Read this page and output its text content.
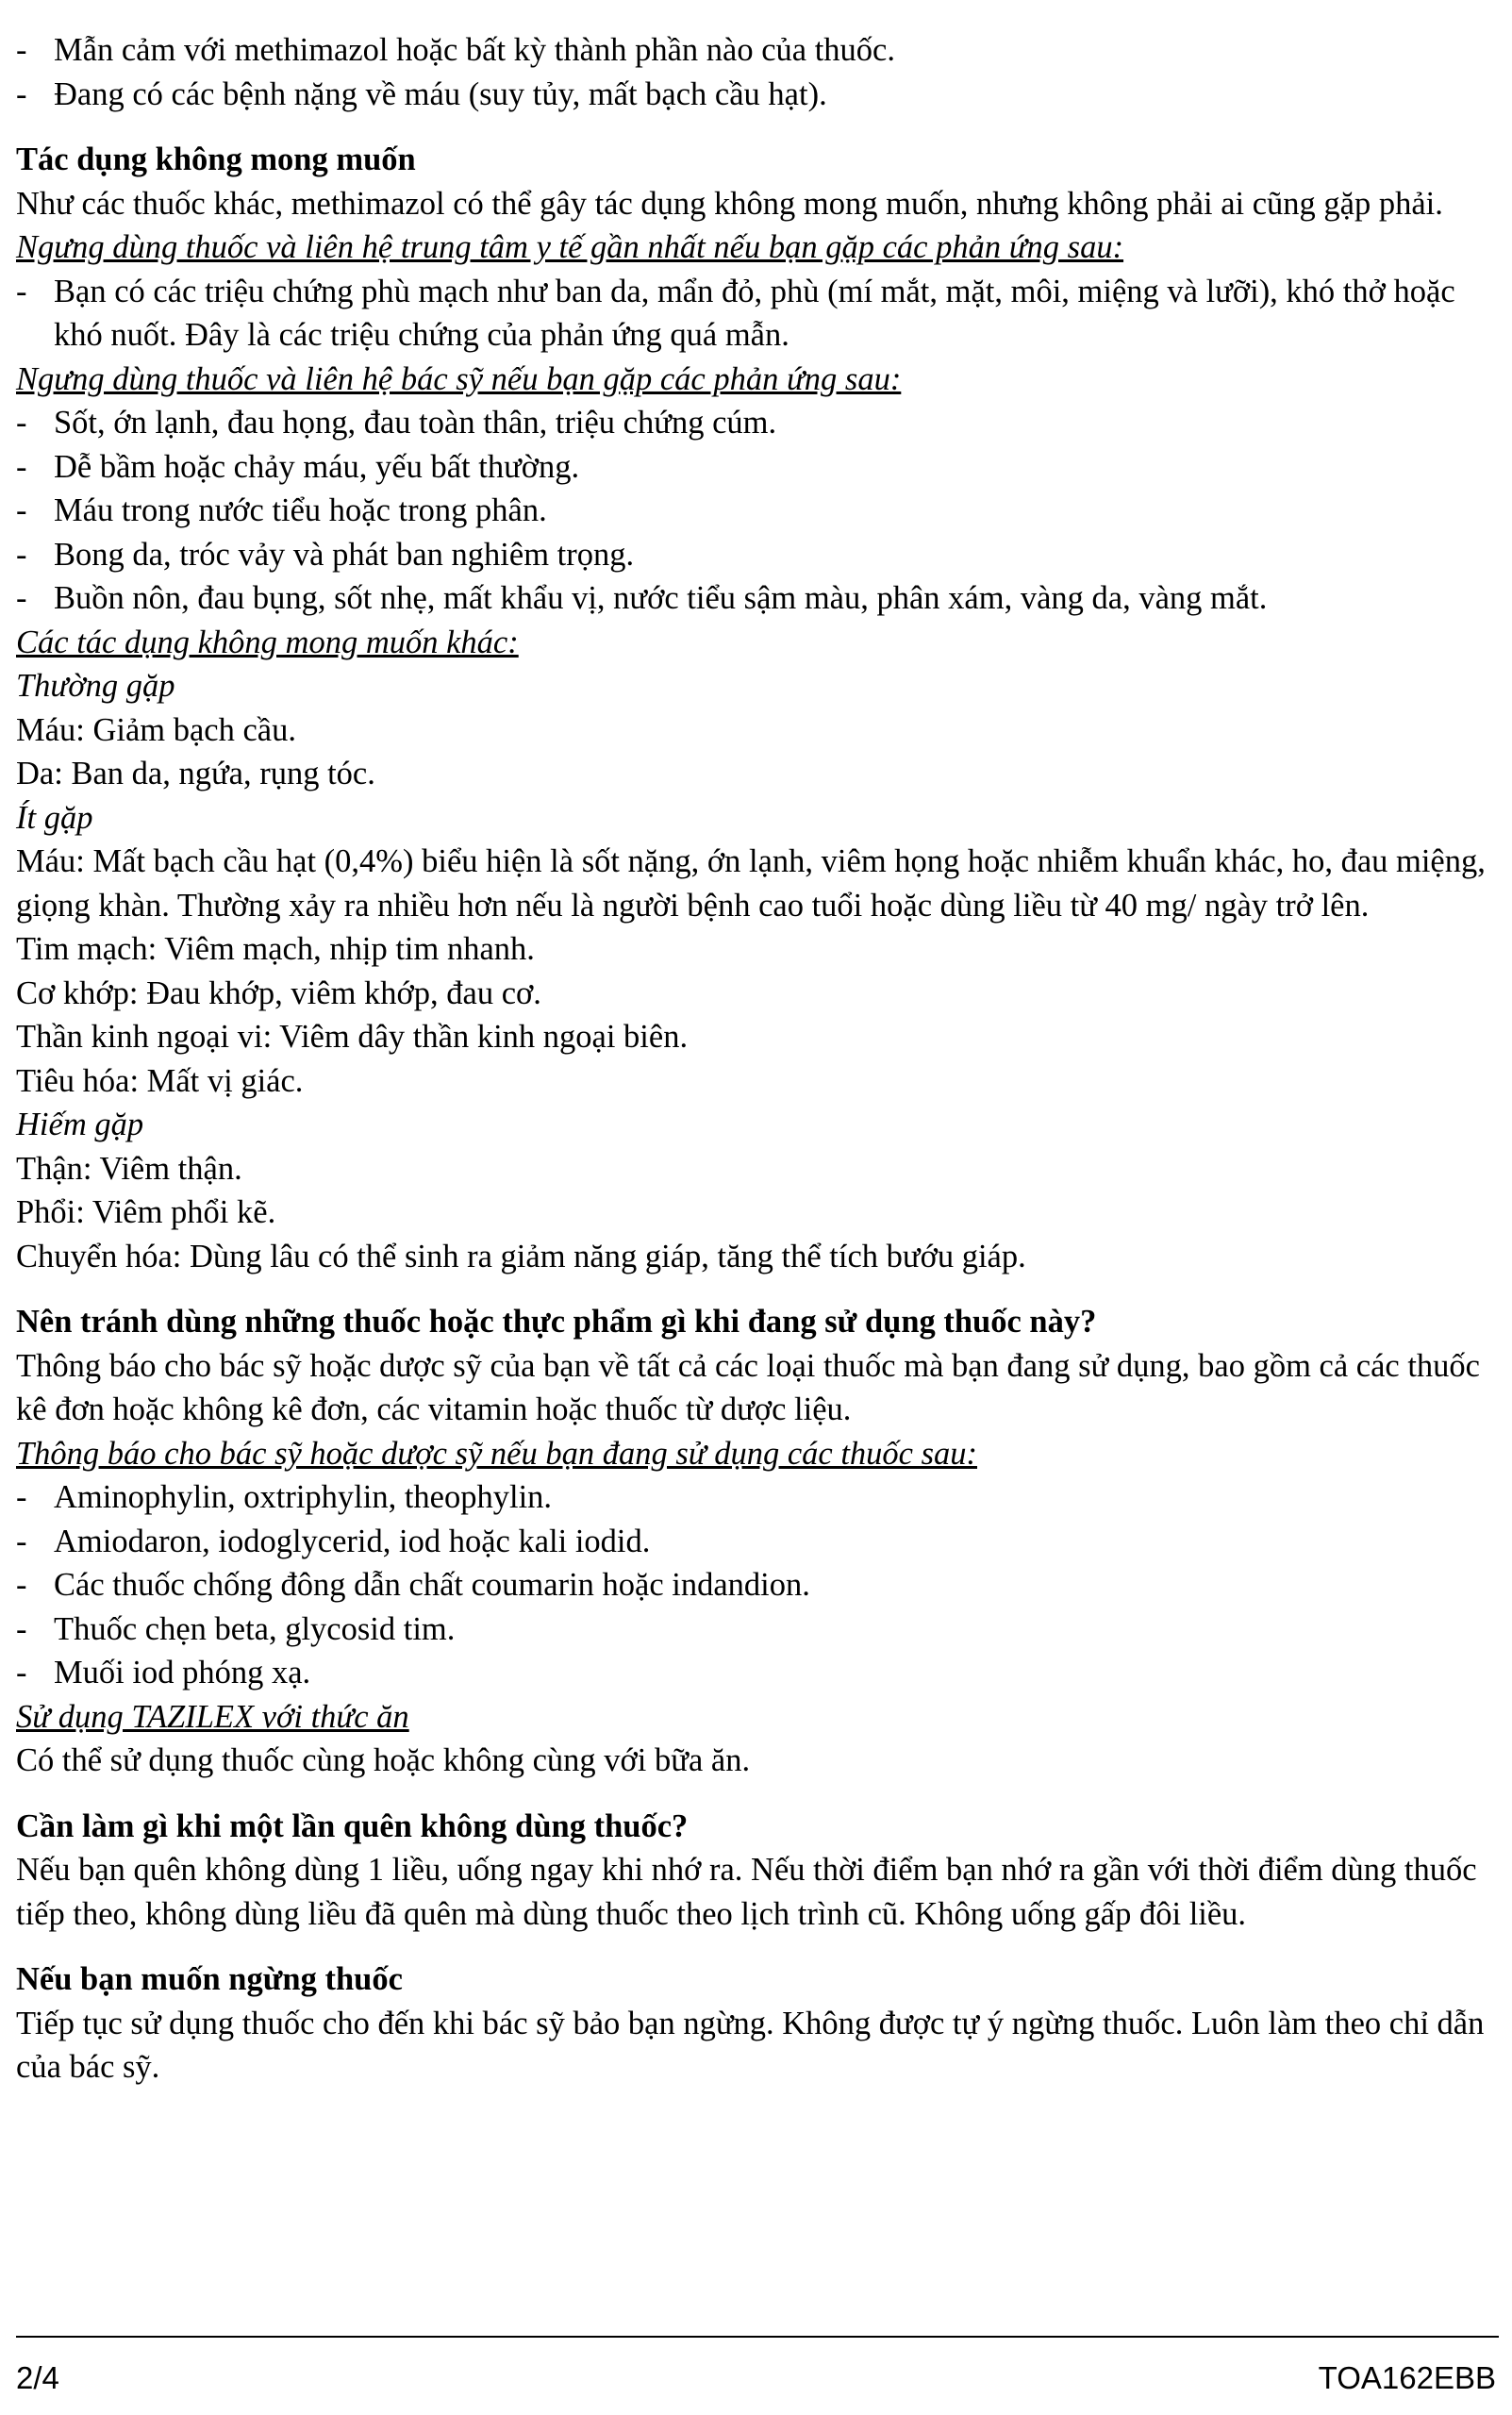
- Mẫn cảm với methimazol hoặc bất kỳ thành phần nào của thuốc.
- Đang có các bệnh nặng về máu (suy tủy, mất bạch cầu hạt).
Tác dụng không mong muốn
Như các thuốc khác, methimazol có thể gây tác dụng không mong muốn, nhưng không phải ai cũng gặp phải.
Ngưng dùng thuốc và liên hệ trung tâm y tế gần nhất nếu bạn gặp các phản ứng sau:
- Bạn có các triệu chứng phù mạch như ban da, mẩn đỏ, phù (mí mắt, mặt, môi, miệng và lưỡi), khó thở hoặc khó nuốt. Đây là các triệu chứng của phản ứng quá mẫn.
Ngưng dùng thuốc và liên hệ bác sỹ nếu bạn gặp các phản ứng sau:
- Sốt, ớn lạnh, đau họng, đau toàn thân, triệu chứng cúm.
- Dễ bầm hoặc chảy máu, yếu bất thường.
- Máu trong nước tiểu hoặc trong phân.
- Bong da, tróc vảy và phát ban nghiêm trọng.
- Buồn nôn, đau bụng, sốt nhẹ, mất khẩu vị, nước tiểu sậm màu, phân xám, vàng da, vàng mắt.
Các tác dụng không mong muốn khác:
Thường gặp
Máu: Giảm bạch cầu.
Da: Ban da, ngứa, rụng tóc.
Ít gặp
Máu: Mất bạch cầu hạt (0,4%) biểu hiện là sốt nặng, ớn lạnh, viêm họng hoặc nhiễm khuẩn khác, ho, đau miệng, giọng khàn. Thường xảy ra nhiều hơn nếu là người bệnh cao tuổi hoặc dùng liều từ 40 mg/ ngày trở lên.
Tim mạch: Viêm mạch, nhịp tim nhanh.
Cơ khớp: Đau khớp, viêm khớp, đau cơ.
Thần kinh ngoại vi: Viêm dây thần kinh ngoại biên.
Tiêu hóa: Mất vị giác.
Hiếm gặp
Thận: Viêm thận.
Phổi: Viêm phổi kẽ.
Chuyển hóa: Dùng lâu có thể sinh ra giảm năng giáp, tăng thể tích bướu giáp.
Nên tránh dùng những thuốc hoặc thực phẩm gì khi đang sử dụng thuốc này?
Thông báo cho bác sỹ hoặc dược sỹ của bạn về tất cả các loại thuốc mà bạn đang sử dụng, bao gồm cả các thuốc kê đơn hoặc không kê đơn, các vitamin hoặc thuốc từ dược liệu.
Thông báo cho bác sỹ hoặc dược sỹ nếu bạn đang sử dụng các thuốc sau:
- Aminophylin, oxtriphylin, theophylin.
- Amiodaron, iodoglycerid, iod hoặc kali iodid.
- Các thuốc chống đông dẫn chất coumarin hoặc indandion.
- Thuốc chẹn beta, glycosid tim.
- Muối iod phóng xạ.
Sử dụng TAZILEX với thức ăn
Có thể sử dụng thuốc cùng hoặc không cùng với bữa ăn.
Cần làm gì khi một lần quên không dùng thuốc?
Nếu bạn quên không dùng 1 liều, uống ngay khi nhớ ra. Nếu thời điểm bạn nhớ ra gần với thời điểm dùng thuốc tiếp theo, không dùng liều đã quên mà dùng thuốc theo lịch trình cũ. Không uống gấp đôi liều.
Nếu bạn muốn ngừng thuốc
Tiếp tục sử dụng thuốc cho đến khi bác sỹ bảo bạn ngừng. Không được tự ý ngừng thuốc. Luôn làm theo chỉ dẫn của bác sỹ.
2/4	TOA162EBB
